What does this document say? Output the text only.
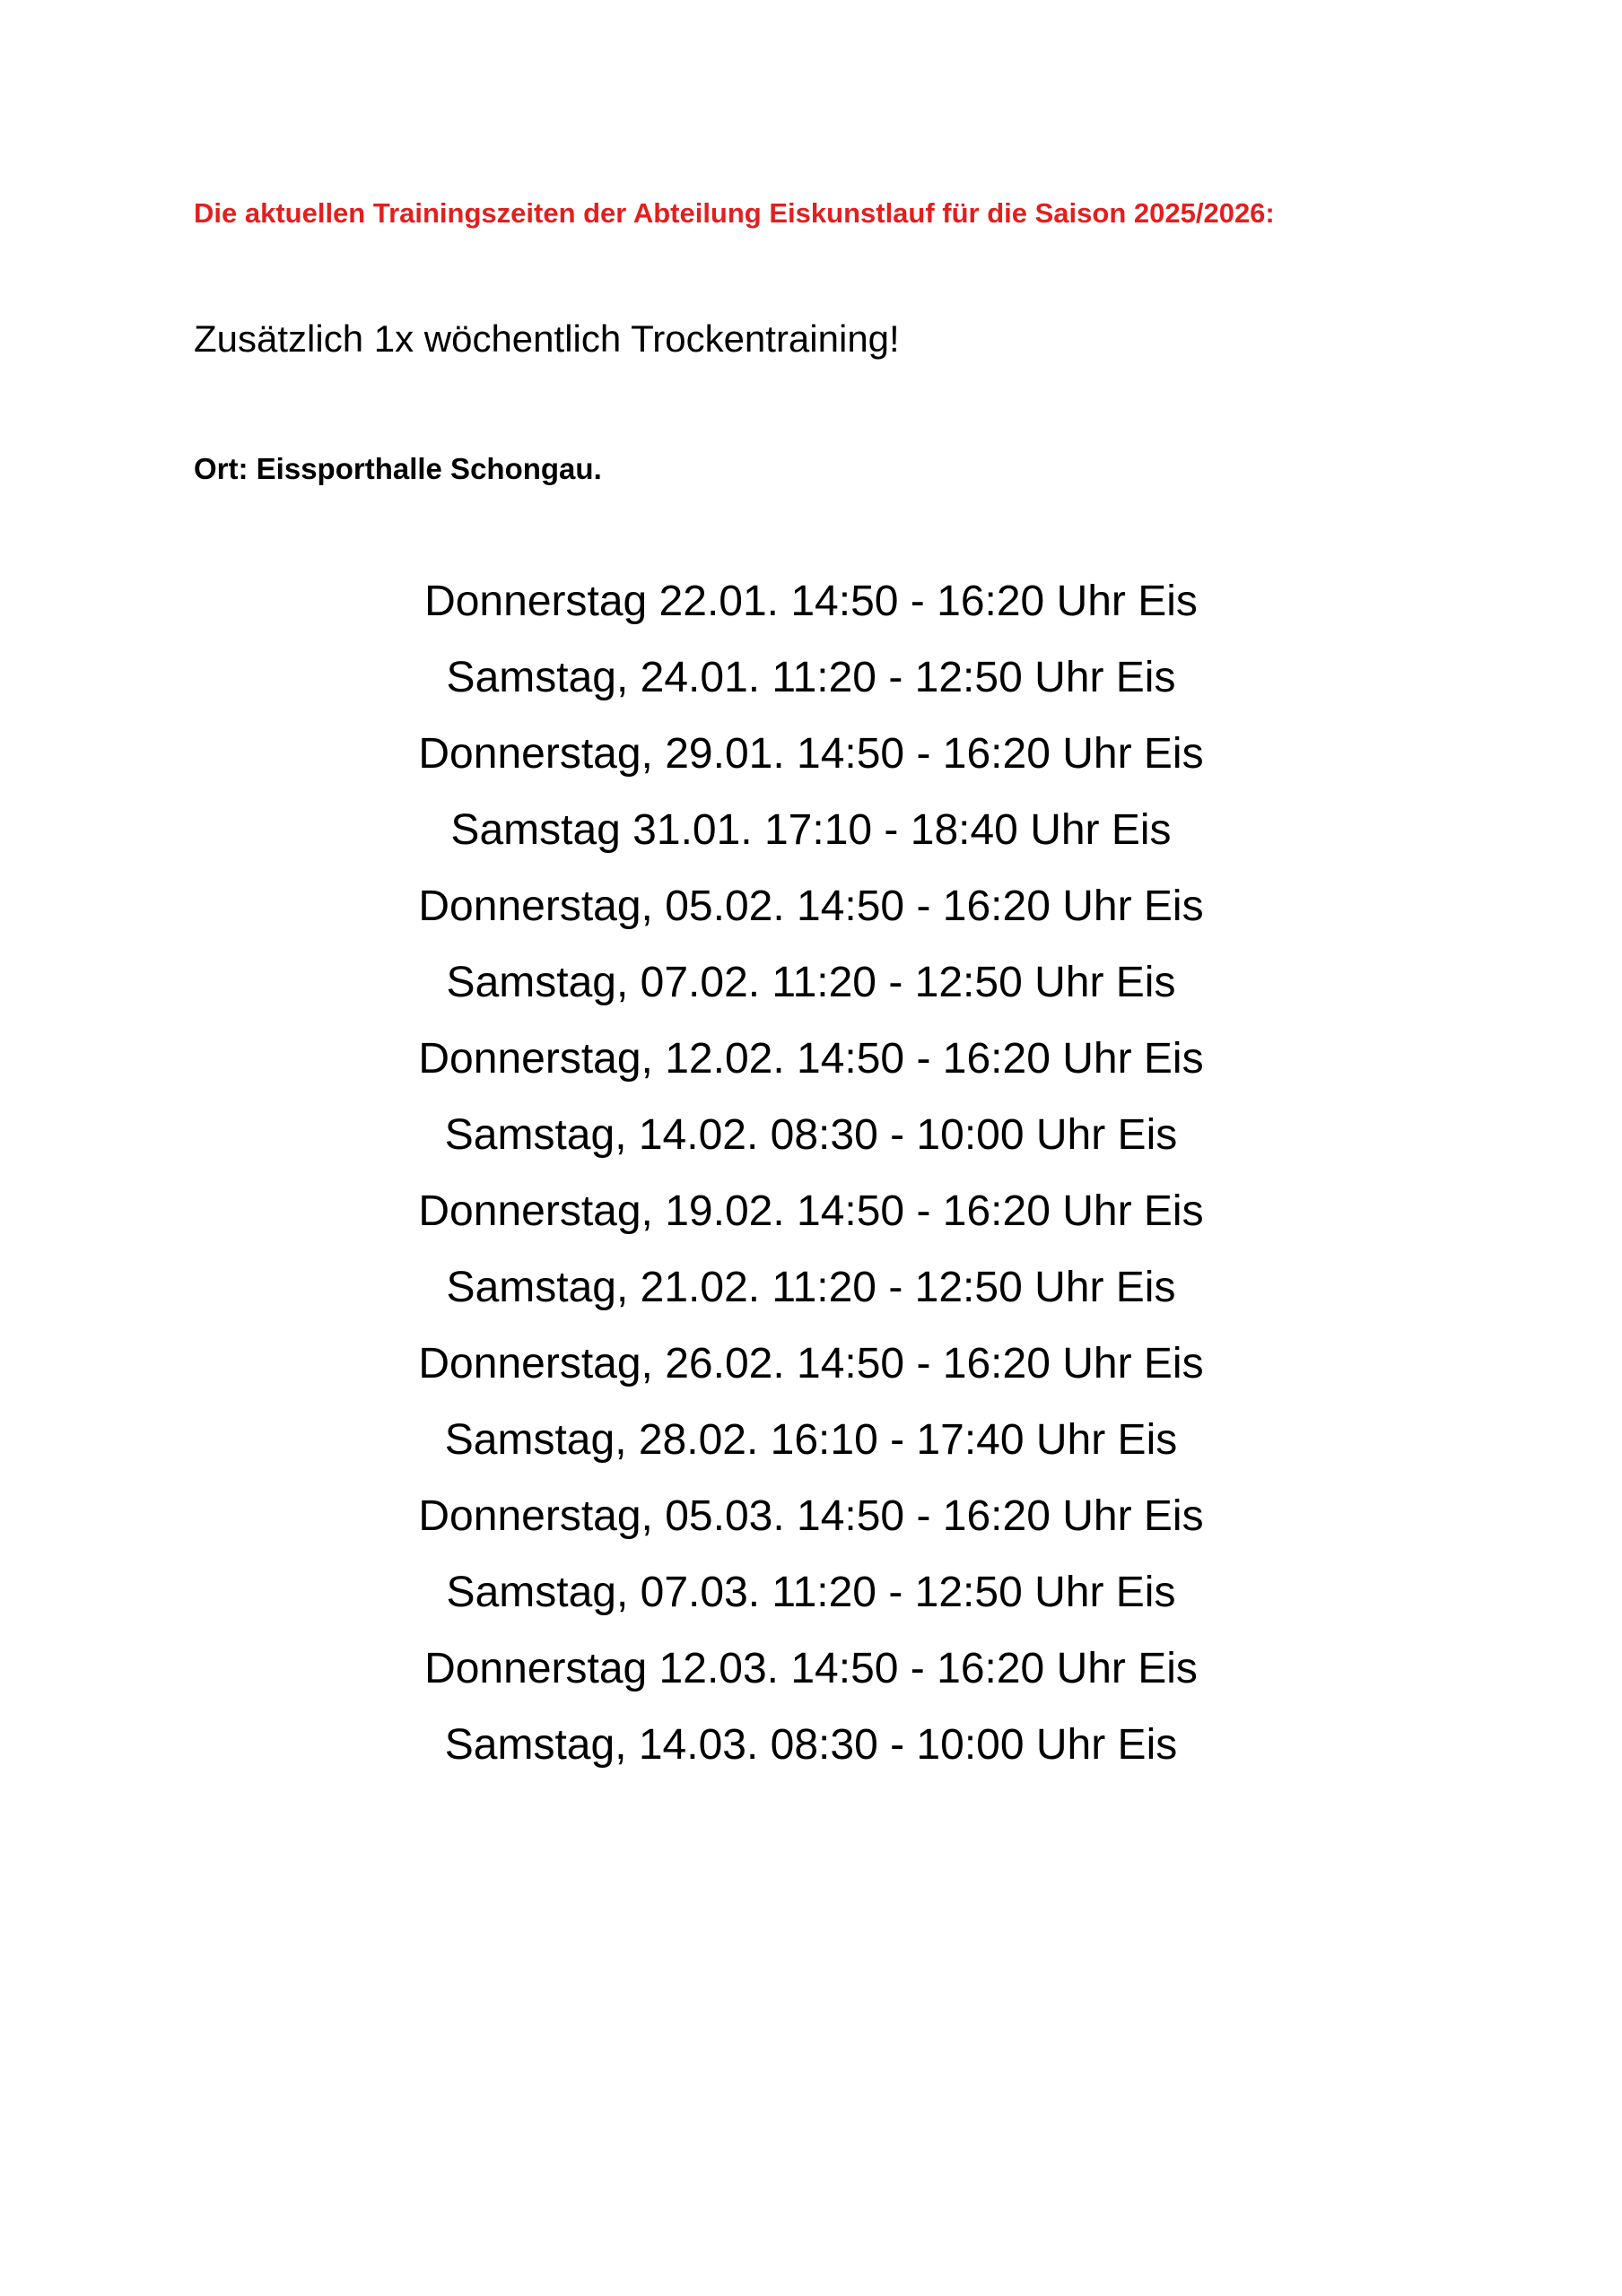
Die aktuellen Trainingszeiten der Abteilung Eiskunstlauf für die Saison 2025/2026:

Zusätzlich 1x wöchentlich Trockentraining!

Ort: Eissporthalle Schongau.

Donnerstag 22.01. 14:50 - 16:20 Uhr Eis
Samstag, 24.01. 11:20 - 12:50 Uhr Eis
Donnerstag, 29.01. 14:50 - 16:20 Uhr Eis
Samstag 31.01. 17:10 - 18:40 Uhr Eis
Donnerstag, 05.02. 14:50 - 16:20 Uhr Eis
Samstag, 07.02. 11:20 - 12:50 Uhr Eis
Donnerstag, 12.02. 14:50 - 16:20 Uhr Eis
Samstag, 14.02. 08:30 - 10:00 Uhr Eis
Donnerstag, 19.02. 14:50 - 16:20 Uhr Eis
Samstag, 21.02. 11:20 - 12:50 Uhr Eis
Donnerstag, 26.02. 14:50 - 16:20 Uhr Eis
Samstag, 28.02. 16:10 - 17:40 Uhr Eis
Donnerstag, 05.03. 14:50 - 16:20 Uhr Eis
Samstag, 07.03. 11:20 - 12:50 Uhr Eis
Donnerstag 12.03. 14:50 - 16:20 Uhr Eis
Samstag, 14.03. 08:30 - 10:00 Uhr Eis
